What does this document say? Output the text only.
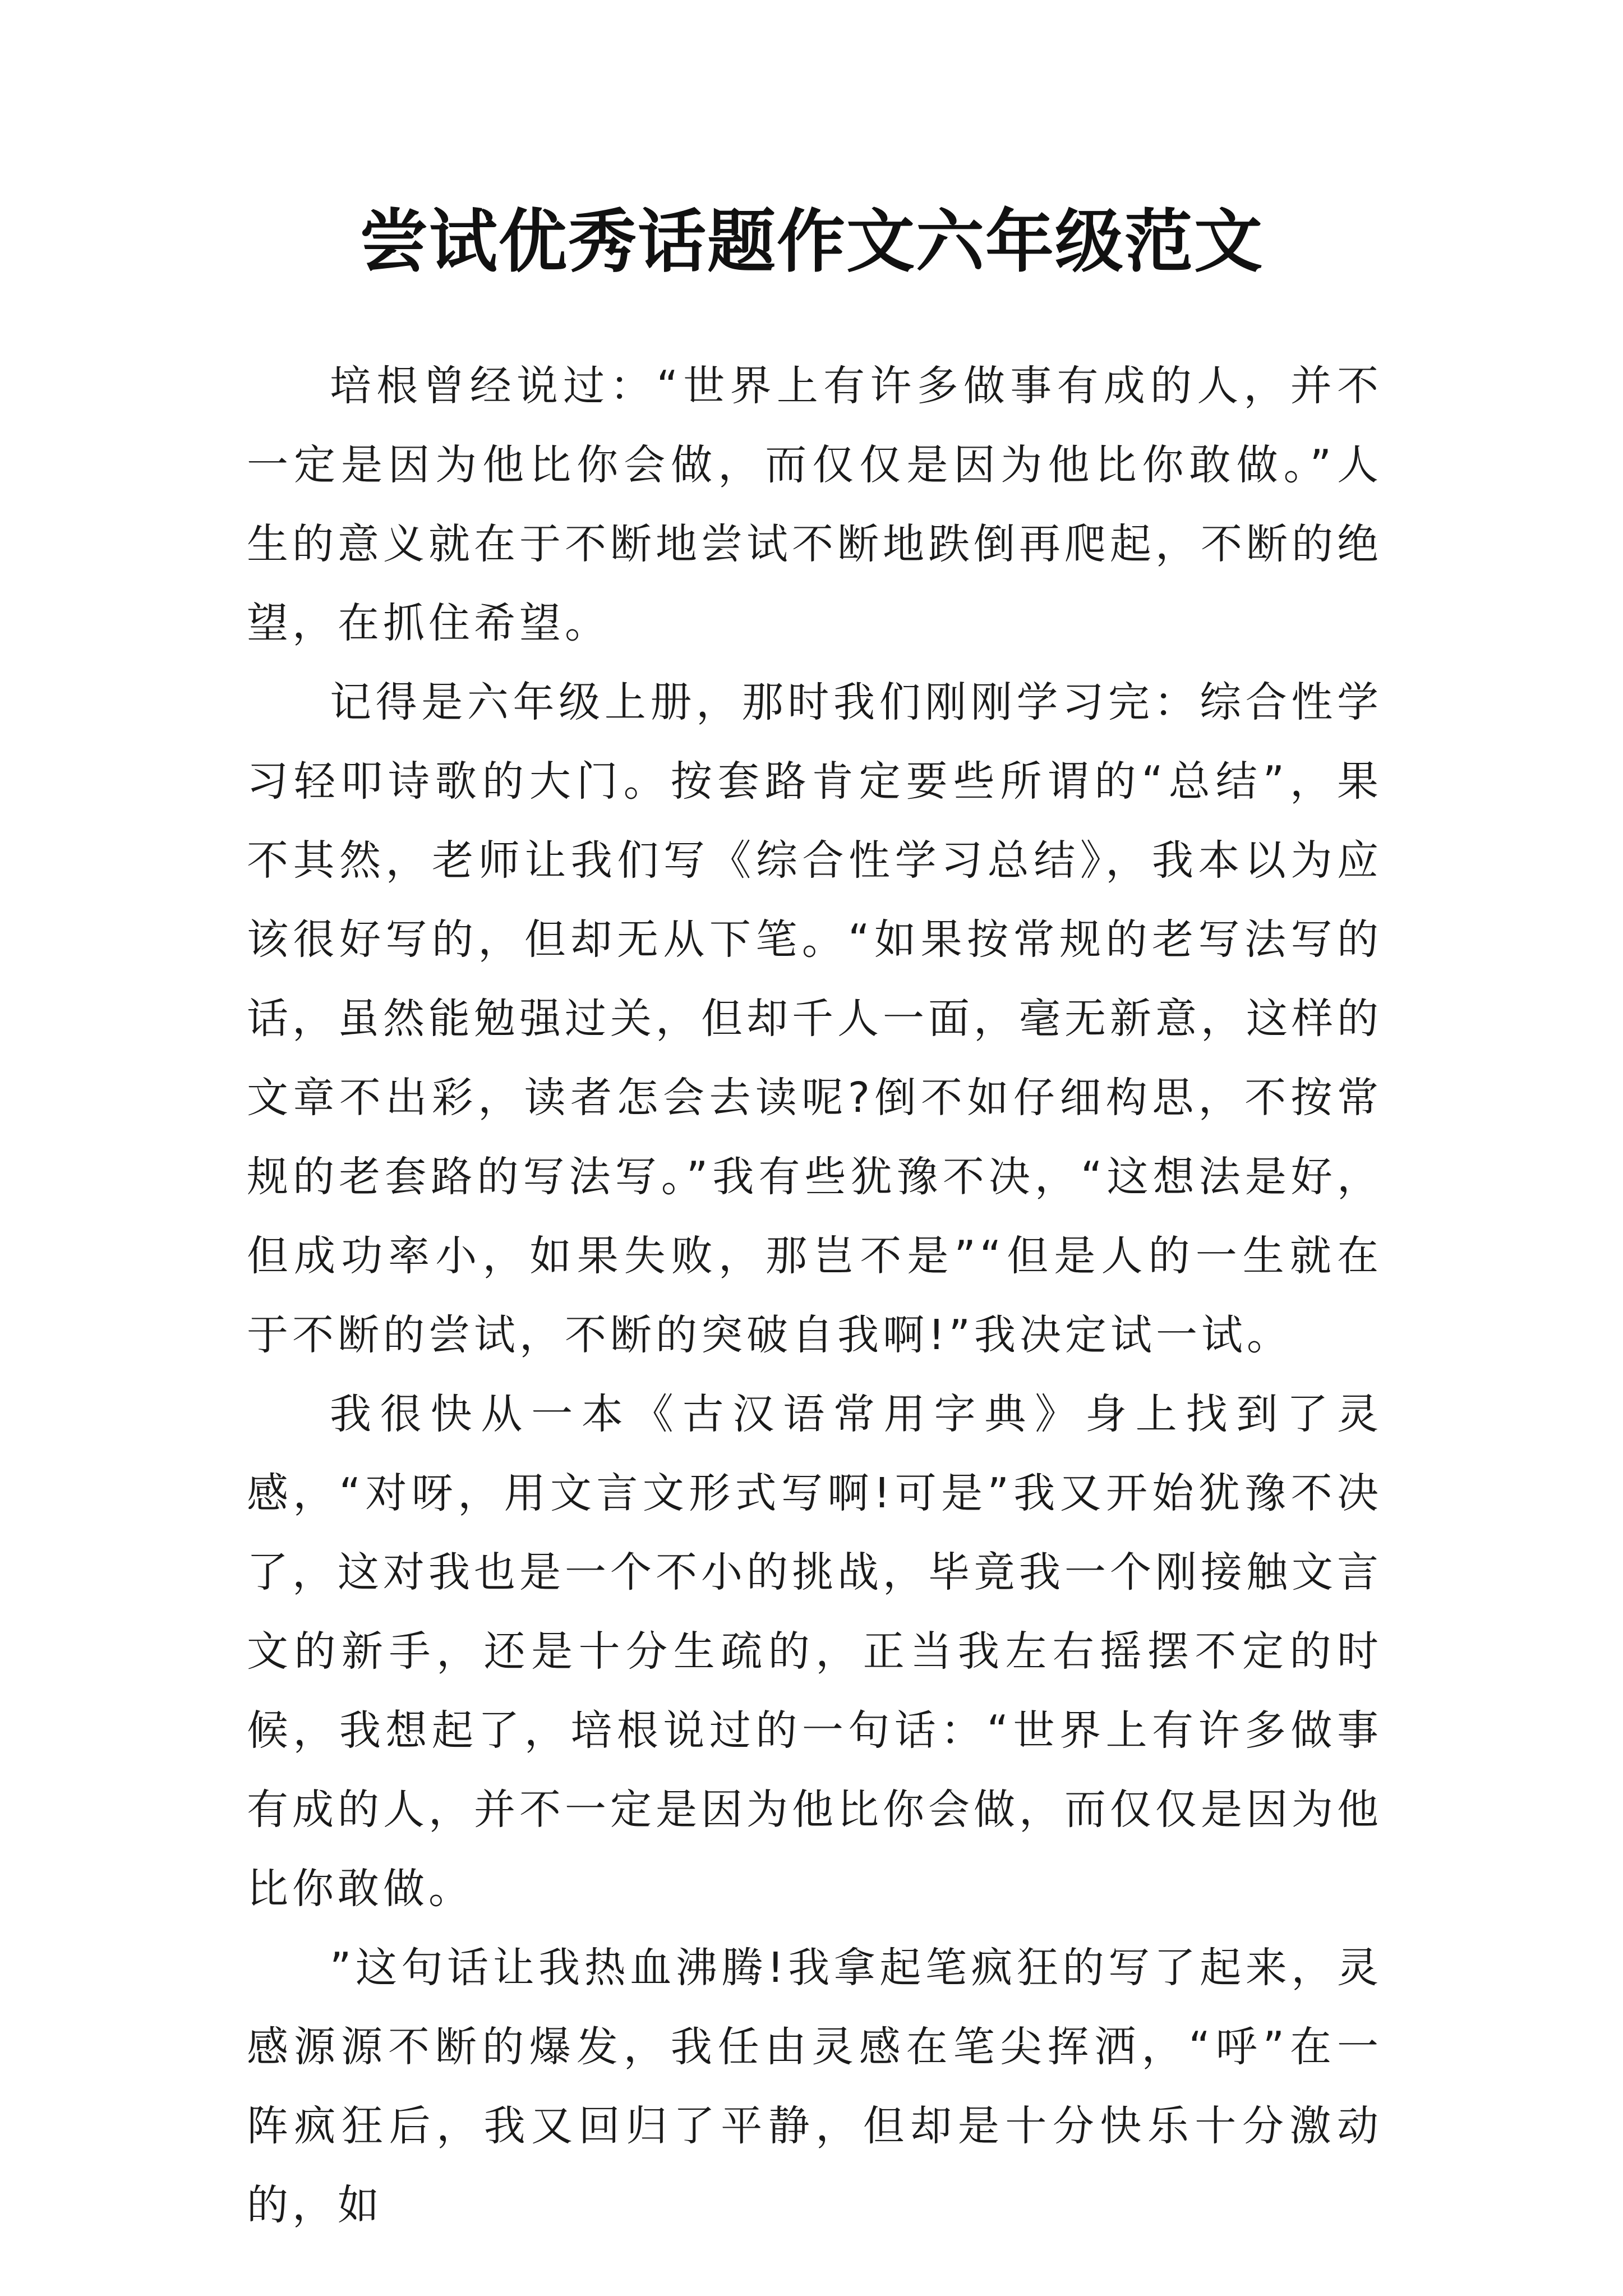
尝试优秀话题作文六年级范文

培根曾经说过：“世界上有许多做事有成的人，并不一定是因为他比你会做，而仅仅是因为他比你敢做。”人生的意义就在于不断地尝试不断地跌倒再爬起，不断的绝望，在抓住希望。

记得是六年级上册，那时我们刚刚学习完：综合性学习轻叩诗歌的大门。按套路肯定要些所谓的“总结”，果不其然，老师让我们写《综合性学习总结》，我本以为应该很好写的，但却无从下笔。“如果按常规的老写法写的话，虽然能勉强过关，但却千人一面，毫无新意，这样的文章不出彩，读者怎会去读呢?倒不如仔细构思，不按常规的老套路的写法写。”我有些犹豫不决，“这想法是好，但成功率小，如果失败，那岂不是”“但是人的一生就在于不断的尝试，不断的突破自我啊!”我决定试一试。

我很快从一本《古汉语常用字典》身上找到了灵感，“对呀，用文言文形式写啊!可是”我又开始犹豫不决了，这对我也是一个不小的挑战，毕竟我一个刚接触文言文的新手，还是十分生疏的，正当我左右摇摆不定的时候，我想起了，培根说过的一句话：“世界上有许多做事有成的人，并不一定是因为他比你会做，而仅仅是因为他比你敢做。

”这句话让我热血沸腾!我拿起笔疯狂的写了起来，灵感源源不断的爆发，我任由灵感在笔尖挥洒，“呼”在一阵疯狂后，我又回归了平静，但却是十分快乐十分激动的，如
